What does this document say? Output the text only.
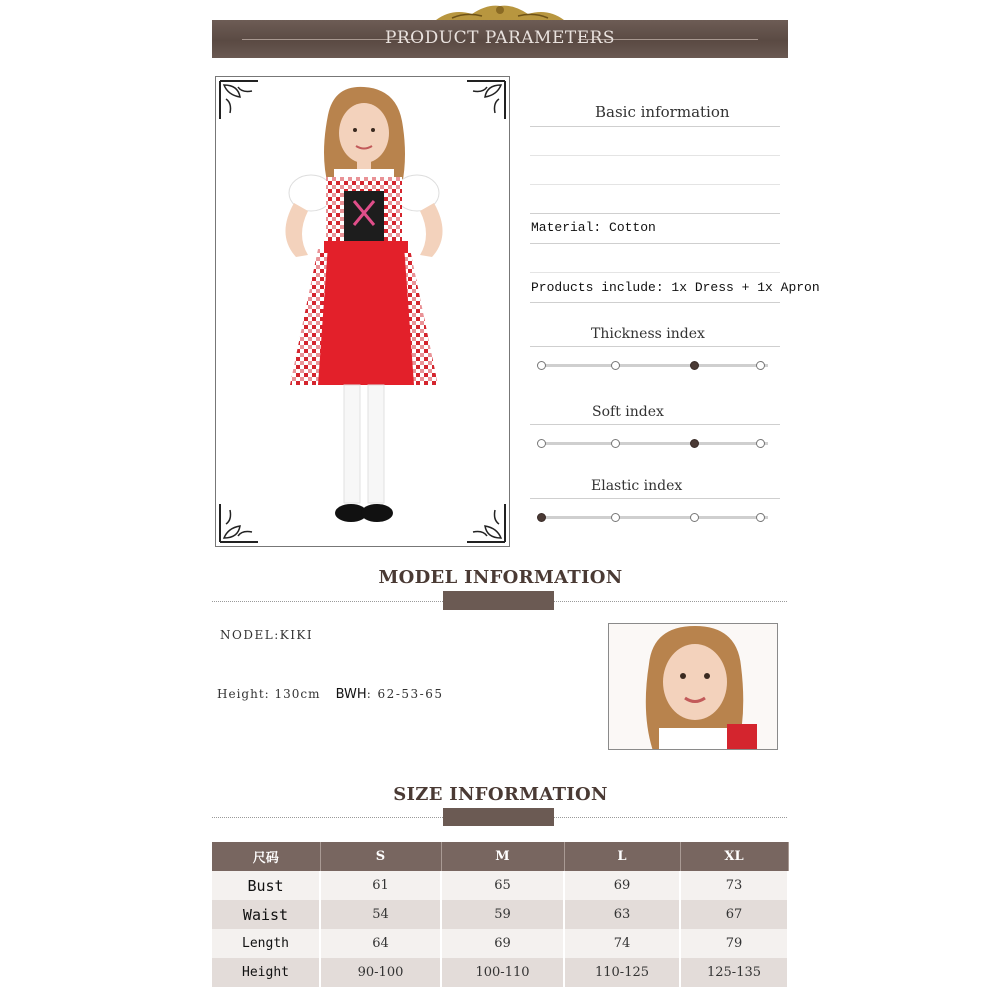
PRODUCT PARAMETERS
Basic information
Material: Cotton
Products include: 1x Dress + 1x Apron
Thickness index
Soft index
Elastic index
MODEL INFORMATION
NODEL:KIKI
Height: 130cm BWH: 62-53-65
SIZE INFORMATION
尺码	S	M	L	XL
Bust	61	65	69	73
Waist	54	59	63	67
Length	64	69	74	79
Height	90-100	100-110	110-125	125-135
